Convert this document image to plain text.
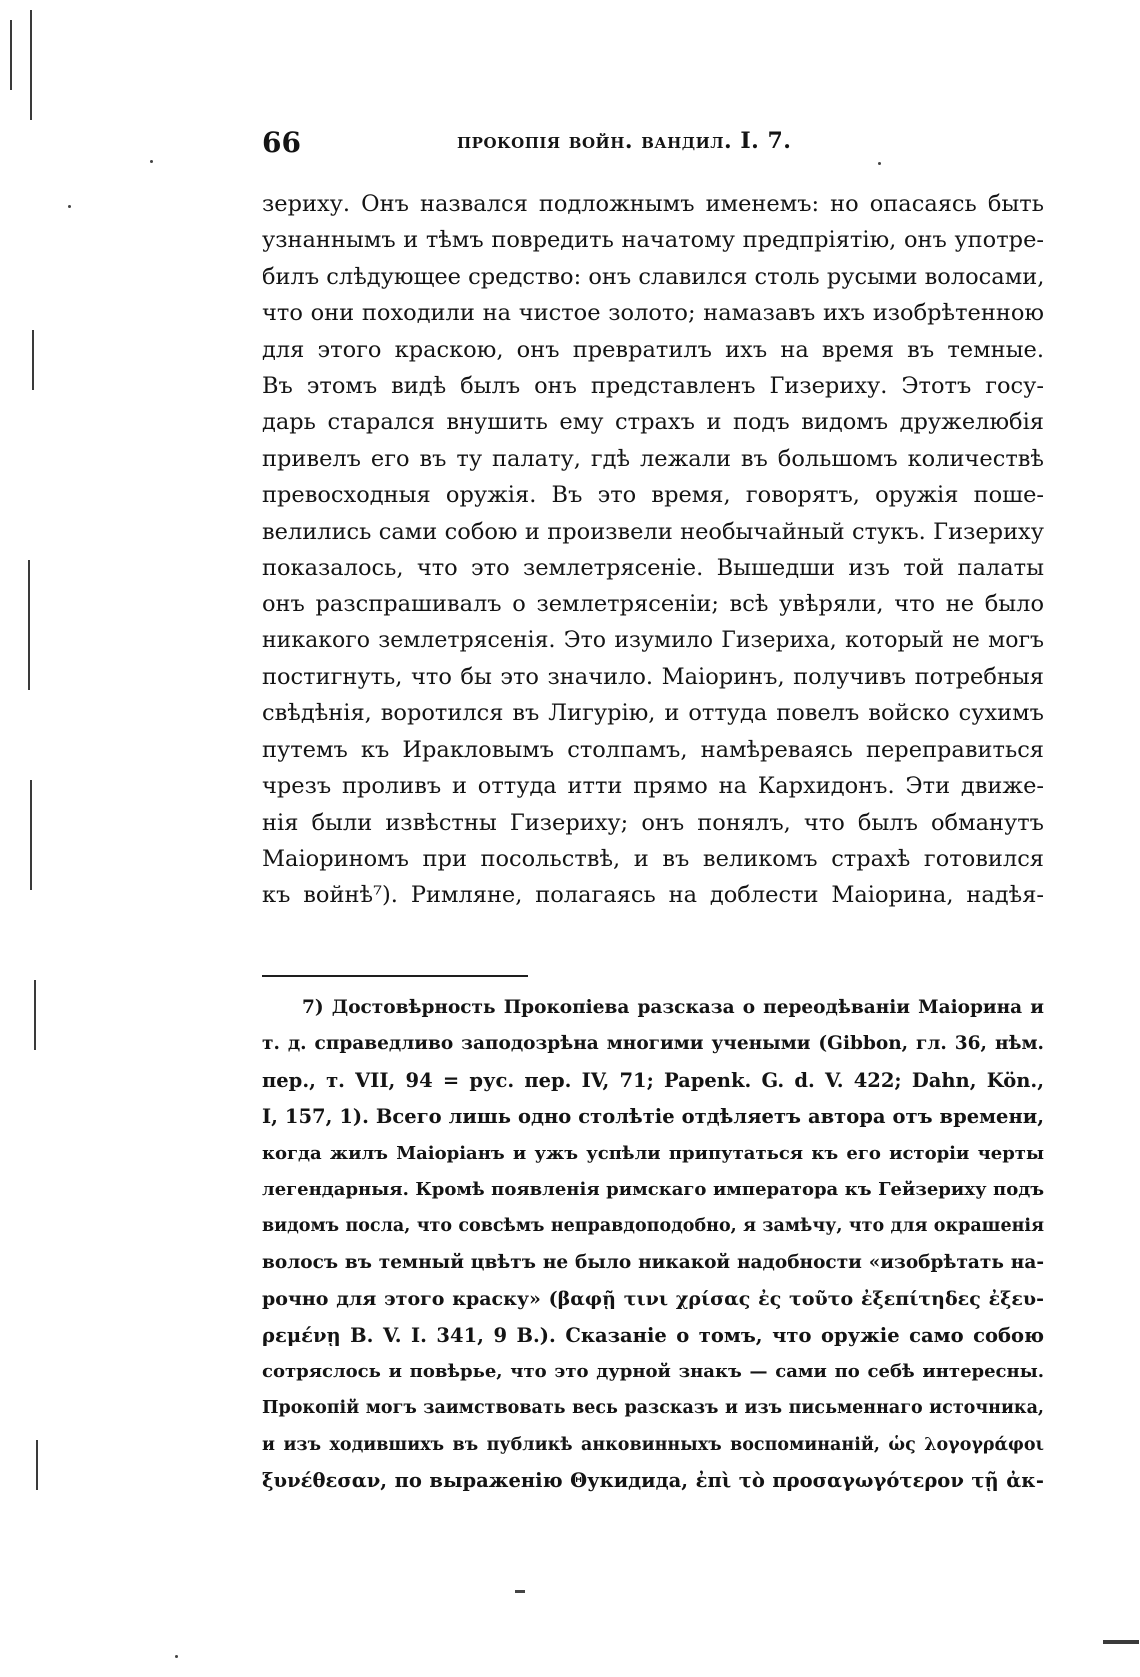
66	прокопія войн. вандил. I. 7.
зериху. Онъ назвался подложнымъ именемъ: но опасаясь быть
узнаннымъ и тѣмъ повредить начатому предпріятію, онъ употре-
билъ слѣдующее средство: онъ славился столь русыми волосами,
что они походили на чистое золото; намазавъ ихъ изобрѣтенною
для этого краскою, онъ превратилъ ихъ на время въ темные.
Въ этомъ видѣ былъ онъ представленъ Гизериху. Этотъ госу-
дарь старался внушить ему страхъ и подъ видомъ дружелюбія
привелъ его въ ту палату, гдѣ лежали въ большомъ количествѣ
превосходныя оружія. Въ это время, говорятъ, оружія поше-
велились сами собою и произвели необычайный стукъ. Гизериху
показалось, что это землетрясеніе. Вышедши изъ той палаты
онъ разспрашивалъ о землетрясеніи; всѣ увѣряли, что не было
никакого землетрясенія. Это изумило Гизериха, который не могъ
постигнуть, что бы это значило. Маіоринъ, получивъ потребныя
свѣдѣнія, воротился въ Лигурію, и оттуда повелъ войско сухимъ
путемъ къ Иракловымъ столпамъ, намѣреваясь переправиться
чрезъ проливъ и оттуда итти прямо на Кархидонъ. Эти движе-
нія были извѣстны Гизериху; онъ понялъ, что былъ обманутъ
Маіориномъ при посольствѣ, и въ великомъ страхѣ готовился
къ войнѣ⁷). Римляне, полагаясь на доблести Маіорина, надѣя-
7) Достовѣрность Прокопіева разсказа о переодѣваніи Маіорина и
т. д. справедливо заподозрѣна многими учеными (Gibbon, гл. 36, нѣм.
пер., т. VII, 94 = рус. пер. IV, 71; Papenk. G. d. V. 422; Dahn, Kön.,
I, 157, 1). Всего лишь одно столѣтіе отдѣляетъ автора отъ времени,
когда жилъ Маіоріанъ и ужъ успѣли припутаться къ его исторіи черты
легендарныя. Кромѣ появленія римскаго императора къ Гейзериху подъ
видомъ посла, что совсѣмъ неправдоподобно, я замѣчу, что для окрашенія
волосъ въ темный цвѣтъ не было никакой надобности «изобрѣтать на-
рочно для этого краску» (βαφῇ τινι χρίσας ἐς τοῦτο ἐξεπίτηδες ἐξευ-
ρεμένῃ B. V. I. 341, 9 B.). Сказаніе о томъ, что оружіе само собою
сотряслось и повѣрье, что это дурной знакъ — сами по себѣ интересны.
Прокопій могъ заимствовать весь разсказъ и изъ письменнаго источника,
и изъ ходившихъ въ публикѣ анковинныхъ воспоминаній, ὡς λογογράφοι
ξυνέθεσαν, по выраженію Θукидида, ἐπὶ τὸ προσαγωγότερον τῇ ἀκ-
